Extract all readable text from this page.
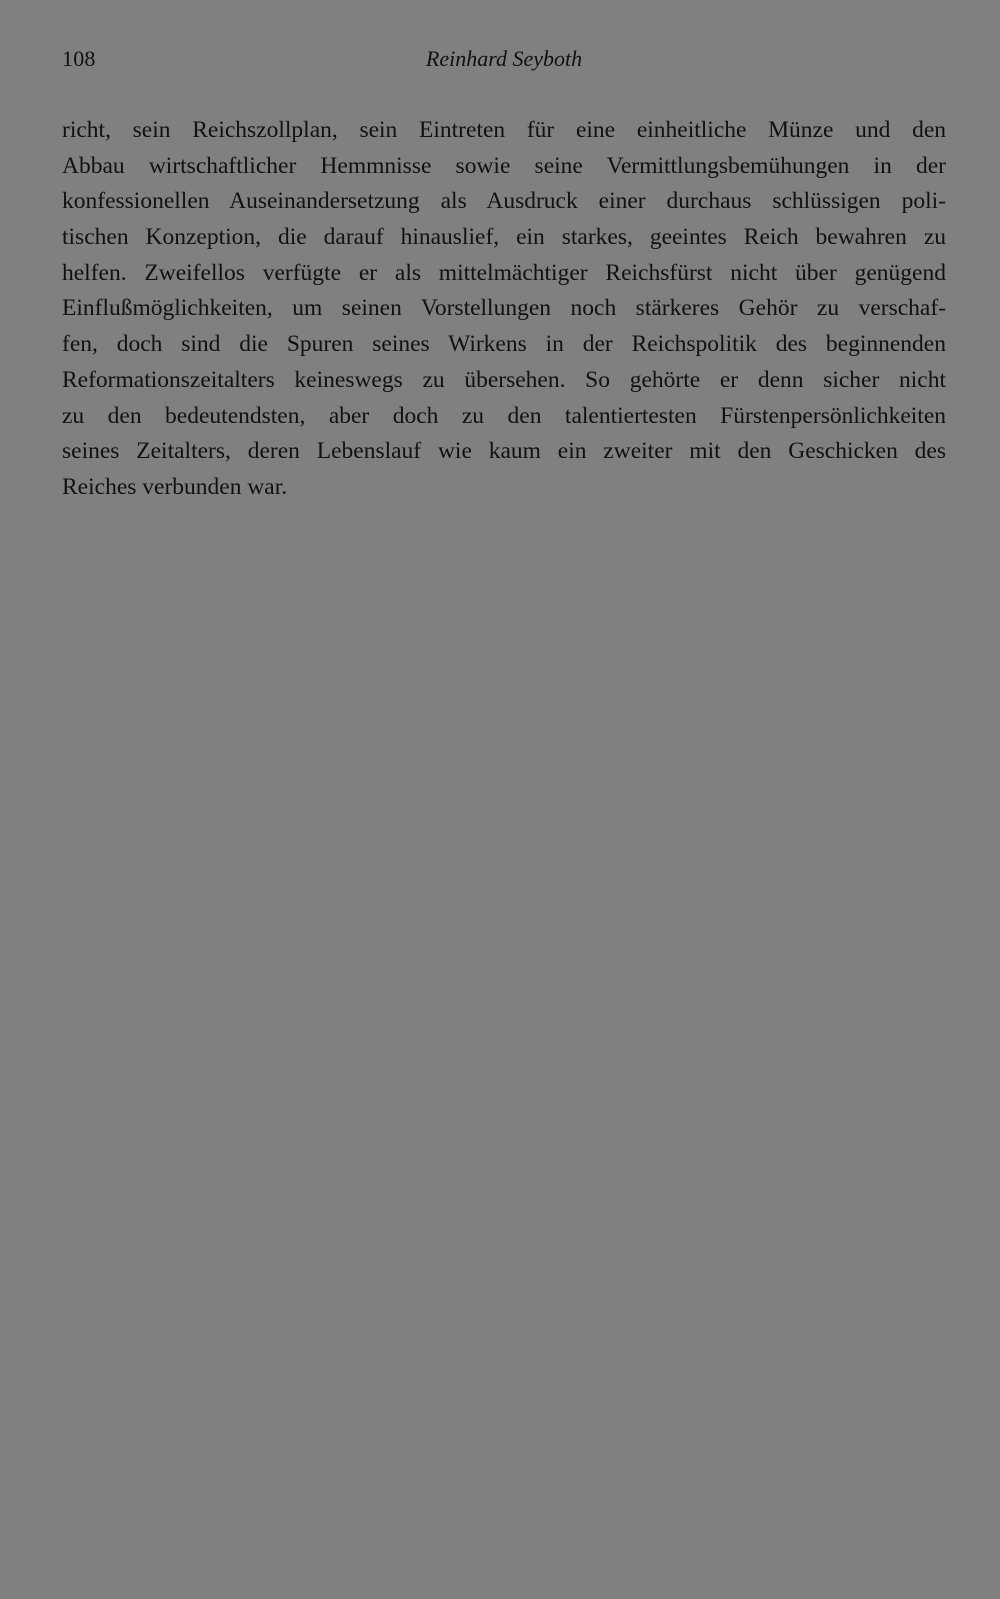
108	Reinhard Seyboth
richt, sein Reichszollplan, sein Eintreten für eine einheitliche Münze und den
Abbau wirtschaftlicher Hemmnisse sowie seine Vermittlungsbemühungen in der
konfessionellen Auseinandersetzung als Ausdruck einer durchaus schlüssigen poli-
tischen Konzeption, die darauf hinauslief, ein starkes, geeintes Reich bewahren zu
helfen. Zweifellos verfügte er als mittelmächtiger Reichsfürst nicht über genügend
Einflußmöglichkeiten, um seinen Vorstellungen noch stärkeres Gehör zu verschaf-
fen, doch sind die Spuren seines Wirkens in der Reichspolitik des beginnenden
Reformationszeitalters keineswegs zu übersehen. So gehörte er denn sicher nicht
zu den bedeutendsten, aber doch zu den talentiertesten Fürstenpersönlichkeiten
seines Zeitalters, deren Lebenslauf wie kaum ein zweiter mit den Geschicken des
Reiches verbunden war.
